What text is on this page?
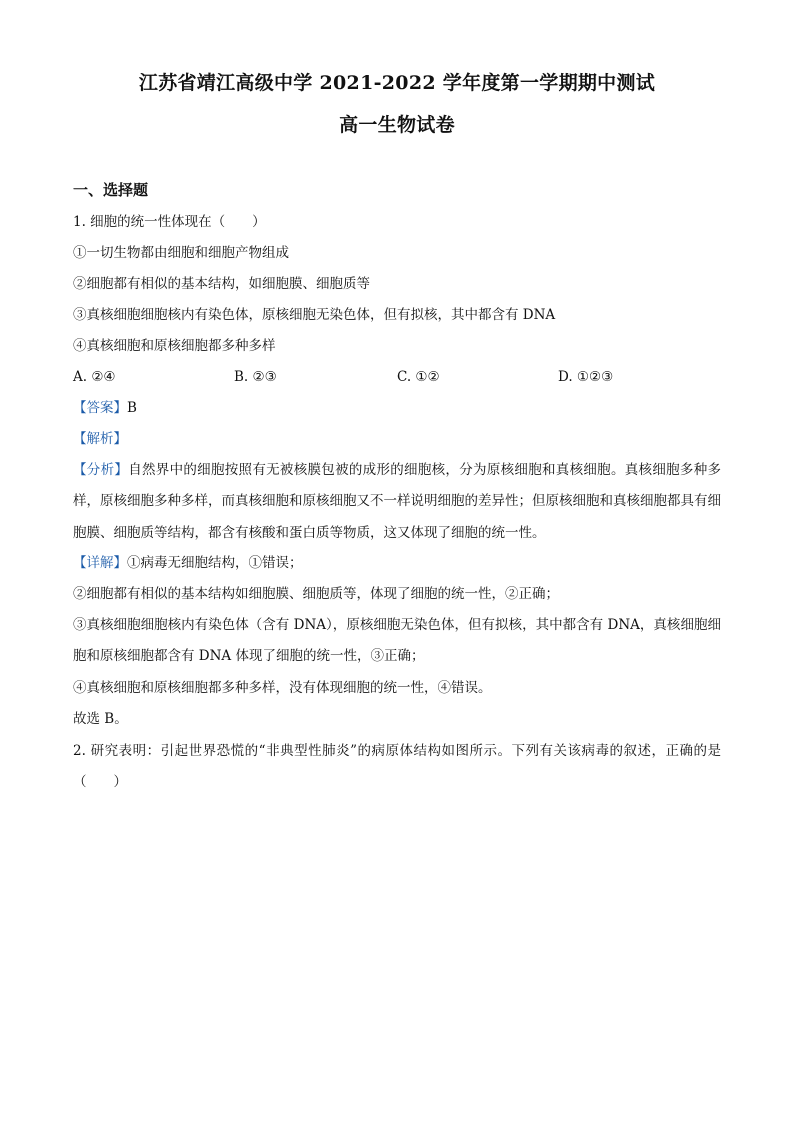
江苏省靖江高级中学 2021-2022 学年度第一学期期中测试
高一生物试卷
一、选择题
1. 细胞的统一性体现在（　　）
①一切生物都由细胞和细胞产物组成
②细胞都有相似的基本结构，如细胞膜、细胞质等
③真核细胞细胞核内有染色体，原核细胞无染色体，但有拟核，其中都含有 DNA
④真核细胞和原核细胞都多种多样
A. ②④	B. ②③	C. ①②	D. ①②③
【答案】B
【解析】
【分析】自然界中的细胞按照有无被核膜包被的成形的细胞核，分为原核细胞和真核细胞。真核细胞多种多样，原核细胞多种多样，而真核细胞和原核细胞又不一样说明细胞的差异性；但原核细胞和真核细胞都具有细胞膜、细胞质等结构，都含有核酸和蛋白质等物质，这又体现了细胞的统一性。
【详解】①病毒无细胞结构，①错误；
②细胞都有相似的基本结构如细胞膜、细胞质等，体现了细胞的统一性，②正确；
③真核细胞细胞核内有染色体（含有 DNA），原核细胞无染色体，但有拟核，其中都含有 DNA，真核细胞细胞和原核细胞都含有 DNA 体现了细胞的统一性，③正确；
④真核细胞和原核细胞都多种多样，没有体现细胞的统一性，④错误。
故选 B。
2. 研究表明：引起世界恐慌的“非典型性肺炎”的病原体结构如图所示。下列有关该病毒的叙述，正确的是（　　）
